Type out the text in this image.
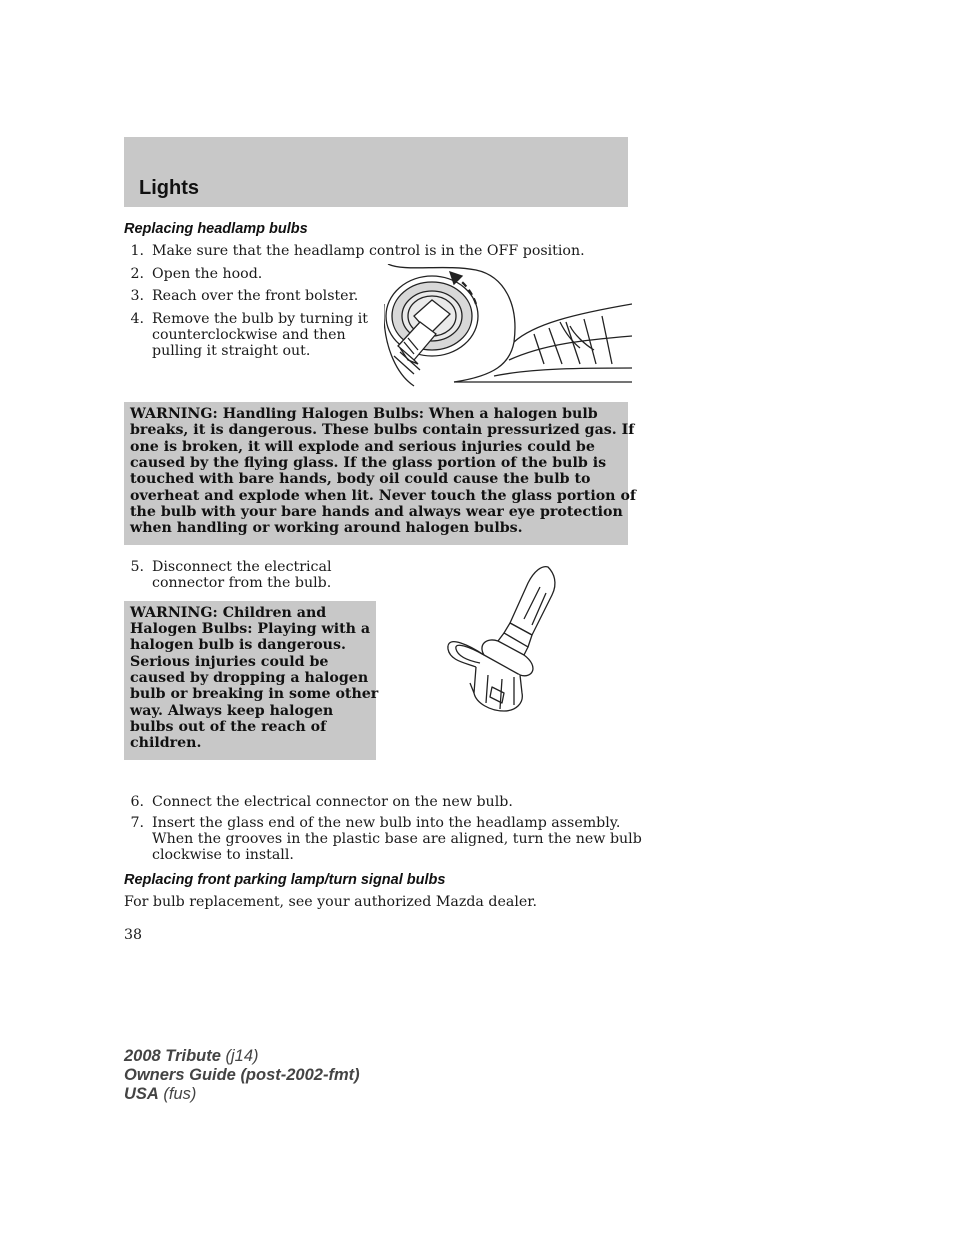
Lights
Replacing headlamp bulbs
1. Make sure that the headlamp control is in the OFF position.
2. Open the hood.
3. Reach over the front bolster.
4. Remove the bulb by turning it
counterclockwise and then
pulling it straight out.
WARNING: Handling Halogen Bulbs: When a halogen bulb
breaks, it is dangerous. These bulbs contain pressurized gas. If
one is broken, it will explode and serious injuries could be
caused by the flying glass. If the glass portion of the bulb is
touched with bare hands, body oil could cause the bulb to
overheat and explode when lit. Never touch the glass portion of
the bulb with your bare hands and always wear eye protection
when handling or working around halogen bulbs.
5. Disconnect the electrical
connector from the bulb.
WARNING: Children and
Halogen Bulbs: Playing with a
halogen bulb is dangerous.
Serious injuries could be
caused by dropping a halogen
bulb or breaking in some other
way. Always keep halogen
bulbs out of the reach of
children.
6. Connect the electrical connector on the new bulb.
7. Insert the glass end of the new bulb into the headlamp assembly.
When the grooves in the plastic base are aligned, turn the new bulb
clockwise to install.
Replacing front parking lamp/turn signal bulbs
For bulb replacement, see your authorized Mazda dealer.
38
2008 Tribute (j14)
Owners Guide (post-2002-fmt)
USA (fus)
